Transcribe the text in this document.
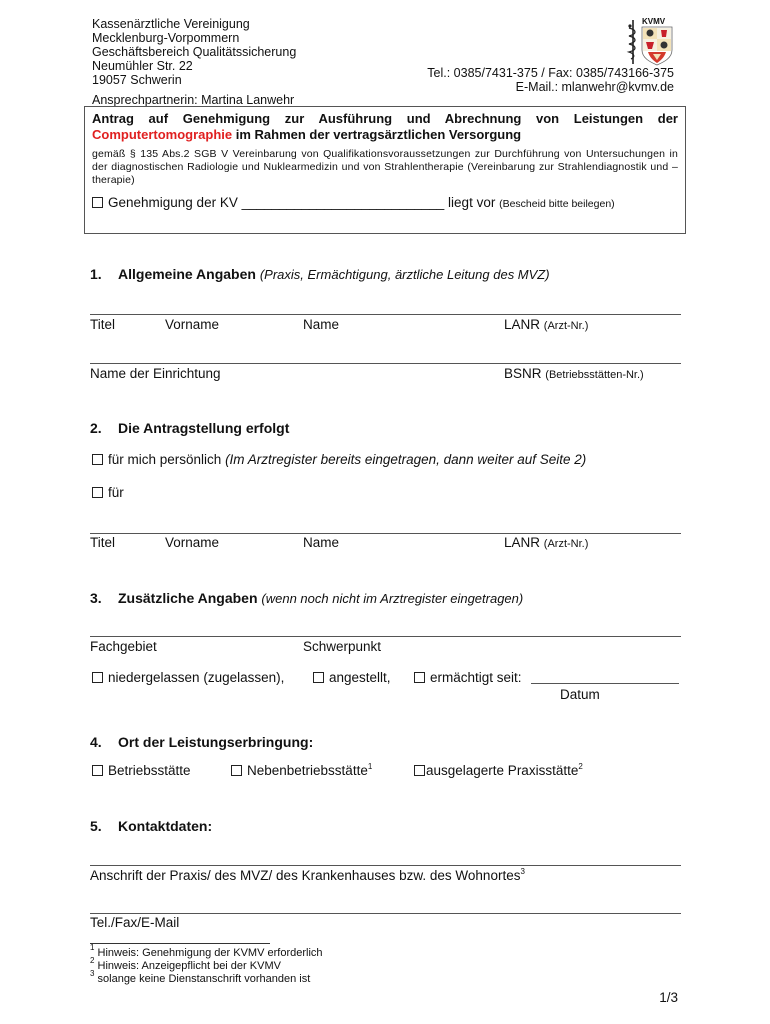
Kassenärztliche Vereinigung
Mecklenburg-Vorpommern
Geschäftsbereich Qualitätssicherung
Neumühler Str. 22
19057 Schwerin
Ansprechpartnerin: Martina Lanwehr
Tel.: 0385/7431-375 / Fax: 0385/743166-375
E-Mail.: mlanwehr@kvmv.de
KVMV
Antrag auf Genehmigung zur Ausführung und Abrechnung von Leistungen der
Computertomographie im Rahmen der vertragsärztlichen Versorgung
gemäß § 135 Abs.2 SGB V Vereinbarung von Qualifikationsvoraussetzungen zur Durchführung von Untersuchungen in der diagnostischen Radiologie und Nuklearmedizin und von Strahlentherapie (Vereinbarung zur Strahlendiagnostik und –therapie)
Genehmigung der KV ___________________________ liegt vor (Bescheid bitte beilegen)
1. Allgemeine Angaben (Praxis, Ermächtigung, ärztliche Leitung des MVZ)
Titel	Vorname	Name	LANR (Arzt-Nr.)
Name der Einrichtung	BSNR (Betriebsstätten-Nr.)
2. Die Antragstellung erfolgt
für mich persönlich (Im Arztregister bereits eingetragen, dann weiter auf Seite 2)
für
Titel	Vorname	Name	LANR (Arzt-Nr.)
3. Zusätzliche Angaben (wenn noch nicht im Arztregister eingetragen)
Fachgebiet	Schwerpunkt
niedergelassen (zugelassen),	angestellt,	ermächtigt seit:
Datum
4. Ort der Leistungserbringung:
Betriebsstätte	Nebenbetriebsstätte$^1$	ausgelagerte Praxisstätte$^2$
5. Kontaktdaten:
Anschrift der Praxis/ des MVZ/ des Krankenhauses bzw. des Wohnortes$^3$
Tel./Fax/E-Mail
$^1$ Hinweis: Genehmigung der KVMV erforderlich
$^2$ Hinweis: Anzeigepflicht bei der KVMV
$^3$ solange keine Dienstanschrift vorhanden ist
1/3
